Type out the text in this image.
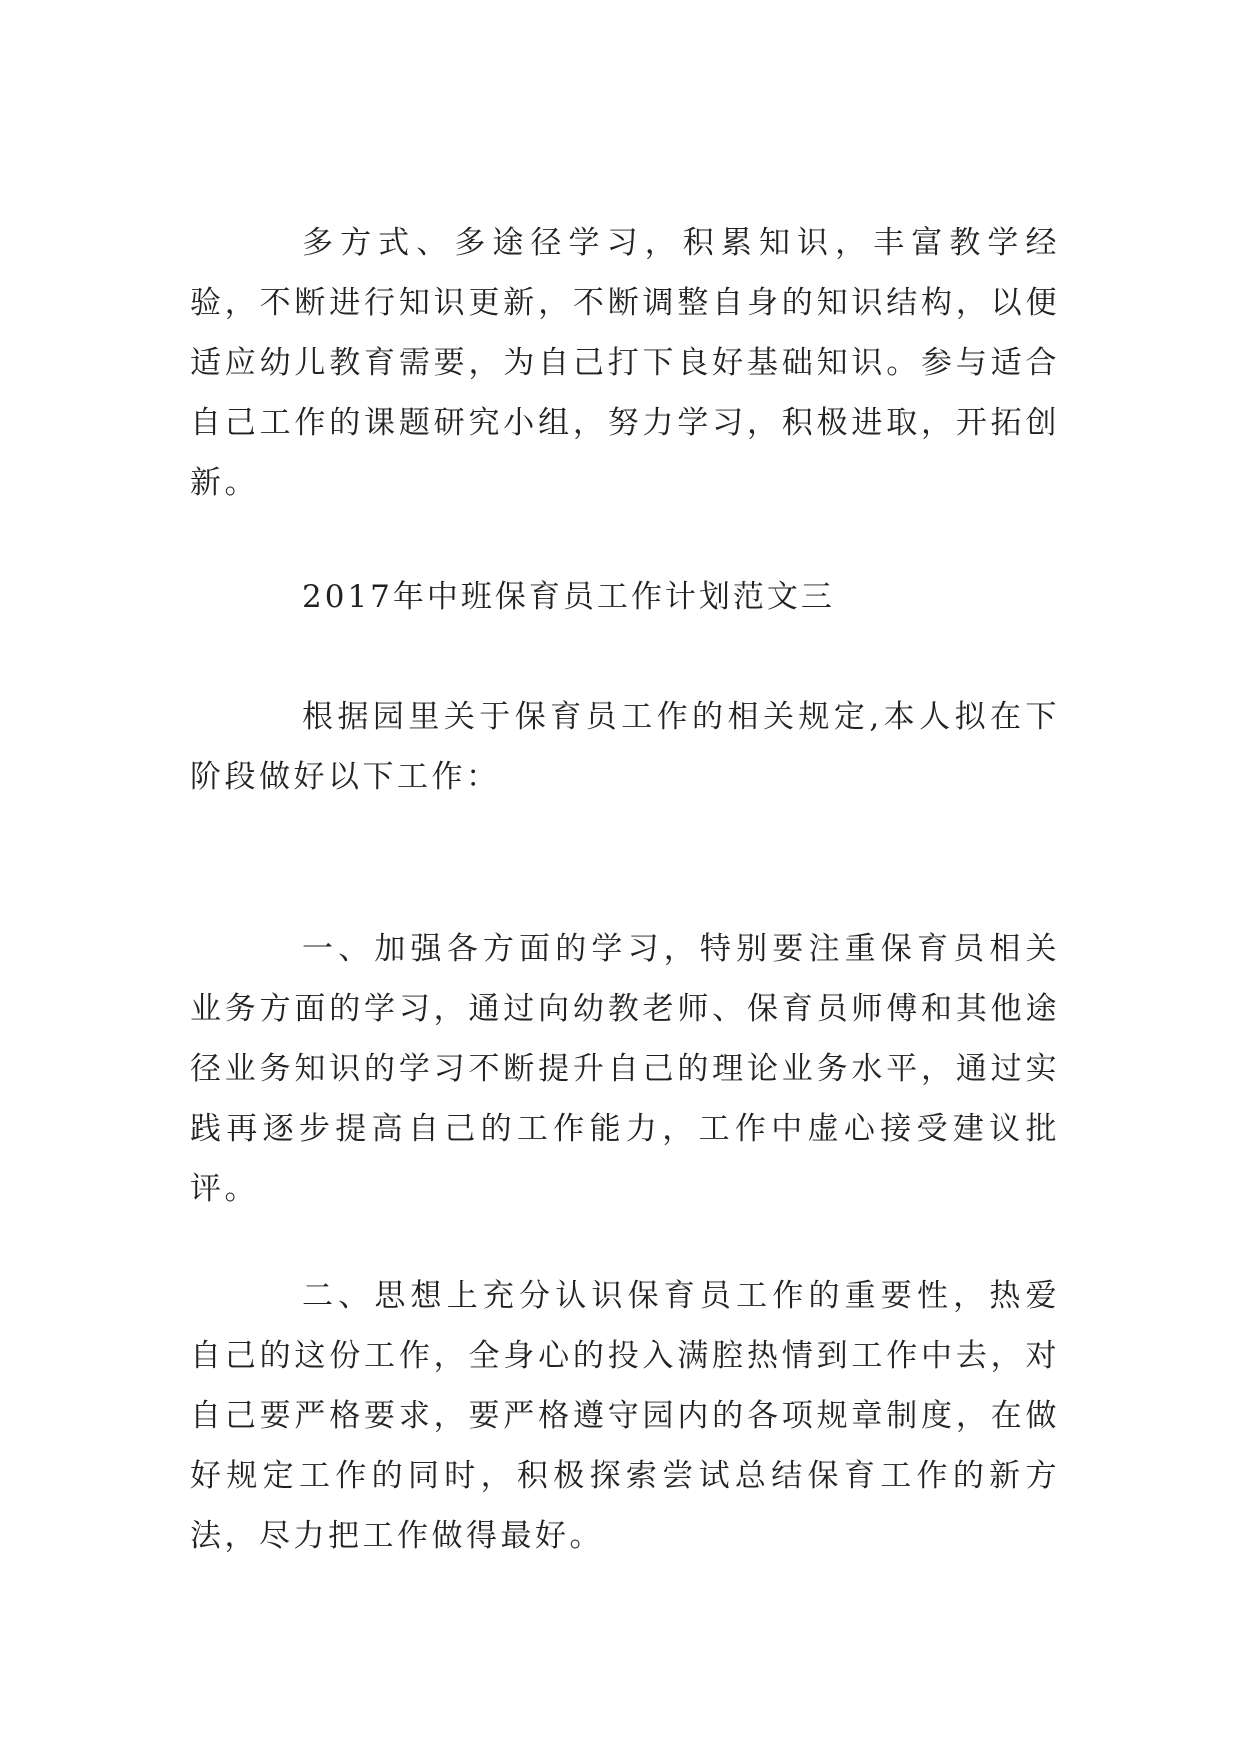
多方式、多途径学习，积累知识，丰富教学经验，不断进行知识更新，不断调整自身的知识结构，以便适应幼儿教育需要，为自己打下良好基础知识。参与适合自己工作的课题研究小组，努力学习，积极进取，开拓创新。

2017年中班保育员工作计划范文三

根据园里关于保育员工作的相关规定,本人拟在下阶段做好以下工作：

一、加强各方面的学习，特别要注重保育员相关业务方面的学习，通过向幼教老师、保育员师傅和其他途径业务知识的学习不断提升自己的理论业务水平，通过实践再逐步提高自己的工作能力，工作中虚心接受建议批评。

二、思想上充分认识保育员工作的重要性，热爱自己的这份工作，全身心的投入满腔热情到工作中去，对自己要严格要求，要严格遵守园内的各项规章制度，在做好规定工作的同时，积极探索尝试总结保育工作的新方法，尽力把工作做得最好。
